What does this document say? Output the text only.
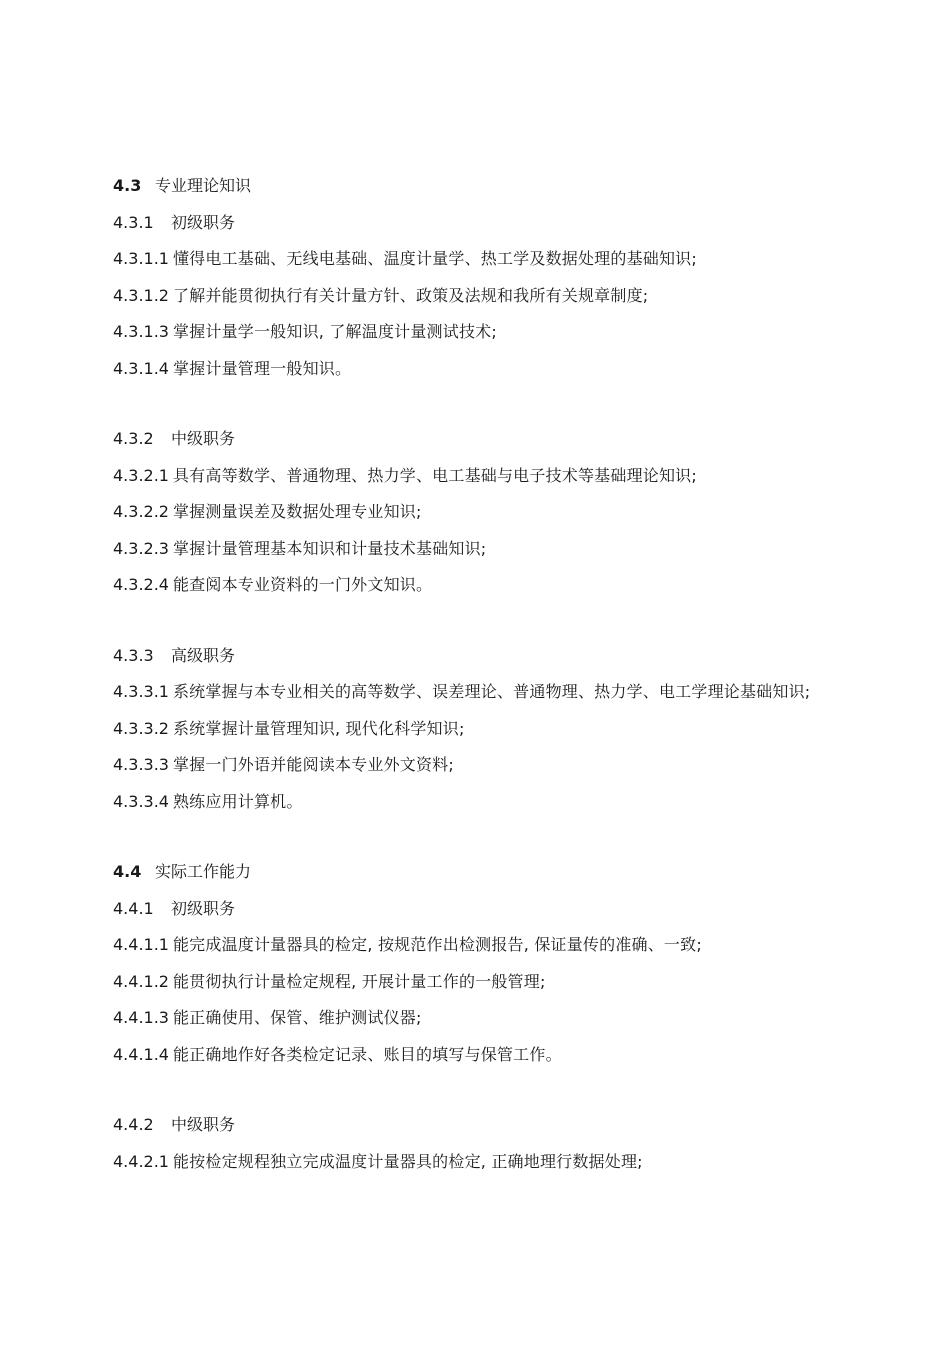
4.3 专业理论知识
4.3.1 初级职务
4.3.1.1 懂得电工基础、无线电基础、温度计量学、热工学及数据处理的基础知识;
4.3.1.2 了解并能贯彻执行有关计量方针、政策及法规和我所有关规章制度;
4.3.1.3 掌握计量学一般知识, 了解温度计量测试技术;
4.3.1.4 掌握计量管理一般知识。
4.3.2 中级职务
4.3.2.1 具有高等数学、普通物理、热力学、电工基础与电子技术等基础理论知识;
4.3.2.2 掌握测量误差及数据处理专业知识;
4.3.2.3 掌握计量管理基本知识和计量技术基础知识;
4.3.2.4 能查阅本专业资料的一门外文知识。
4.3.3 高级职务
4.3.3.1 系统掌握与本专业相关的高等数学、误差理论、普通物理、热力学、电工学理论基础知识;
4.3.3.2 系统掌握计量管理知识, 现代化科学知识;
4.3.3.3 掌握一门外语并能阅读本专业外文资料;
4.3.3.4 熟练应用计算机。
4.4 实际工作能力
4.4.1 初级职务
4.4.1.1 能完成温度计量器具的检定, 按规范作出检测报告, 保证量传的准确、一致;
4.4.1.2 能贯彻执行计量检定规程, 开展计量工作的一般管理;
4.4.1.3 能正确使用、保管、维护测试仪器;
4.4.1.4 能正确地作好各类检定记录、账目的填写与保管工作。
4.4.2 中级职务
4.4.2.1 能按检定规程独立完成温度计量器具的检定, 正确地理行数据处理;
